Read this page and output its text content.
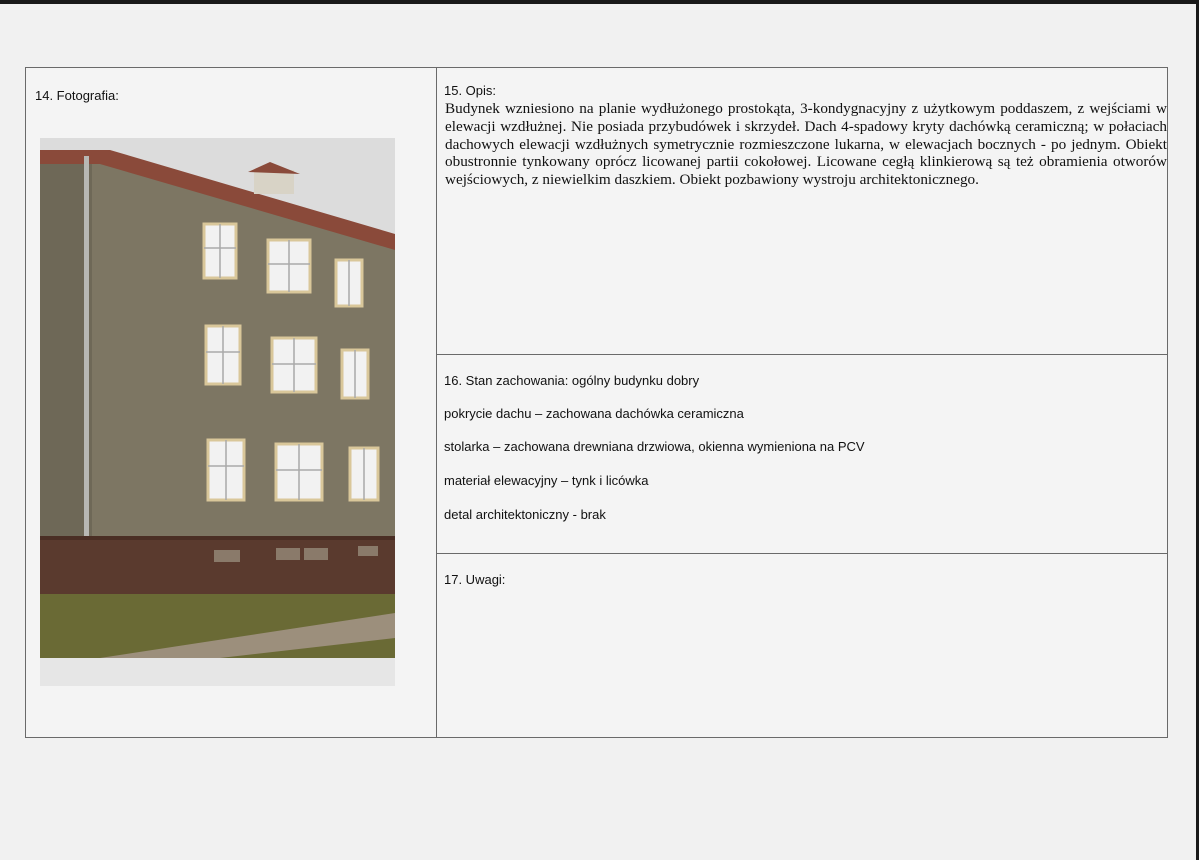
14. Fotografia:	15. Opis:
Budynek wzniesiono na planie wydłużonego prostokąta, 3-kondygnacyjny z użytkowym poddaszem, z wejściami w elewacji wzdłużnej. Nie posiada przybudówek i skrzydeł. Dach 4-spadowy kryty dachówką ceramiczną; w połaciach dachowych elewacji wzdłużnych symetrycznie rozmieszczone lukarna, w elewacjach bocznych - po jednym. Obiekt obustronnie tynkowany oprócz licowanej partii cokołowej. Licowane cegłą klinkierową są też obramienia otworów wejściowych, z niewielkim daszkiem. Obiekt pozbawiony wystroju architektonicznego.
16. Stan zachowania: ogólny budynku dobry
pokrycie dachu – zachowana dachówka ceramiczna
stolarka – zachowana drewniana drzwiowa, okienna wymieniona na PCV
materiał elewacyjny – tynk i licówka
detal architektoniczny - brak
17. Uwagi:
